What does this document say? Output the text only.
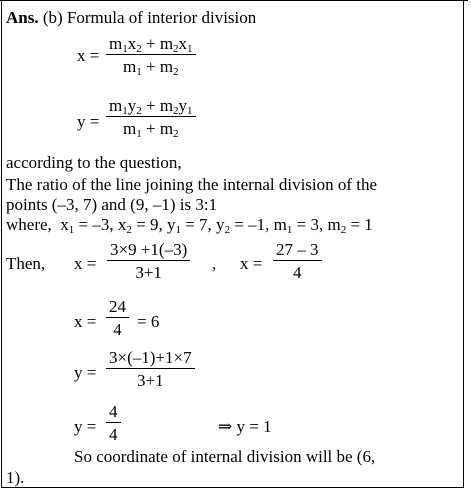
Ans. (b) Formula of interior division
x =
$m_1x_2 + m_2x_1$
$m_1 + m_2$
y =
$m_1y_2 + m_2y_1$
$m_1 + m_2$
according to the question,
The ratio of the line joining the internal division of the
points (–3, 7) and (9, –1) is 3:1
where,  $x_1 = -3$, $x_2 = 9$, $y_1 = 7$, $y_2 = -1$, $m_1 = 3$, $m_2 = 1$
Then, x =
3×9 +1(–3)
3+1	, x =
27 – 3
4
x =
24
4 = 6
y =
3×(–1)+1×7
3+1
y =
4
4	⇒ y = 1
So coordinate of internal division will be (6,
1).
